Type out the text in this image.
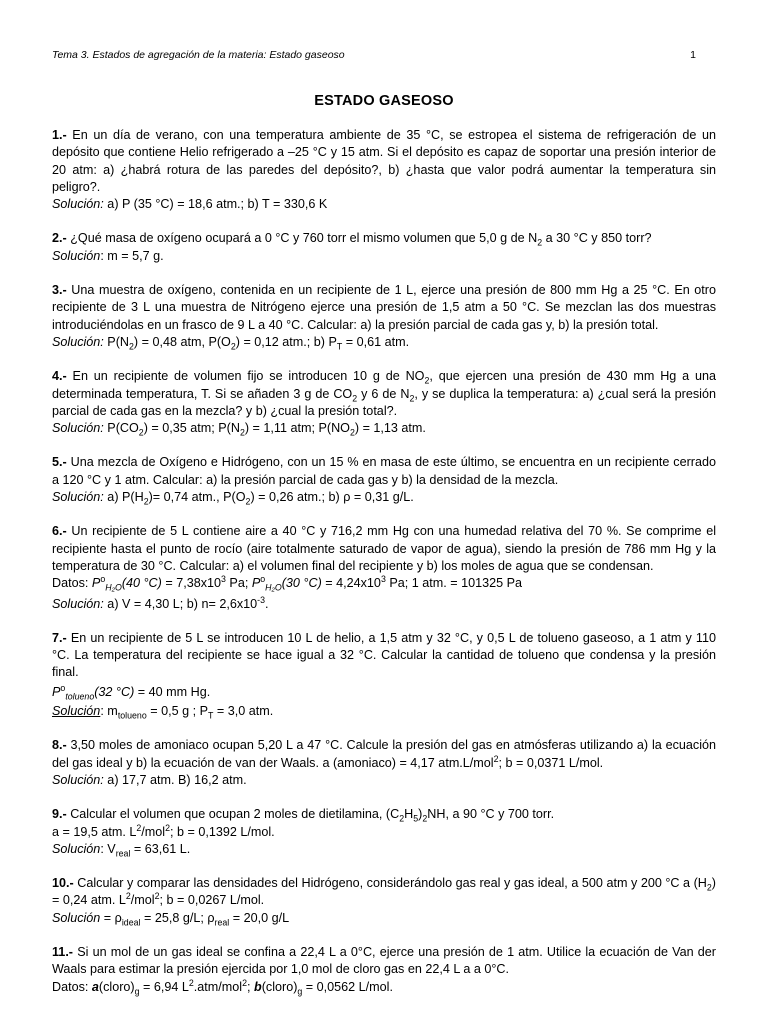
Tema 3. Estados de agregación de la materia: Estado gaseoso	1
ESTADO GASEOSO

1.- En un día de verano, con una temperatura ambiente de 35 °C, se estropea el sistema de refrigeración de un depósito que contiene Helio refrigerado a –25 °C y 15 atm. Si el depósito es capaz de soportar una presión interior de 20 atm: a) ¿habrá rotura de las paredes del depósito?, b) ¿hasta que valor podrá aumentar la temperatura sin peligro?.

Solución: a) P (35 °C) = 18,6 atm.; b) T = 330,6 K

2.- ¿Qué masa de oxígeno ocupará a 0 °C y 760 torr el mismo volumen que 5,0 g de $N_2$ a 30 °C y 850 torr?

Solución: m = 5,7 g.

3.- Una muestra de oxígeno, contenida en un recipiente de 1 L, ejerce una presión de 800 mm Hg a 25 °C. En otro recipiente de 3 L una muestra de Nitrógeno ejerce una presión de 1,5 atm a 50 °C. Se mezclan las dos muestras introduciéndolas en un frasco de 9 L a 40 °C. Calcular: a) la presión parcial de cada gas y, b) la presión total.

Solución: $P(N_2) = 0,48$ atm, $P(O_2) = 0,12$ atm.; b) $P_T = 0,61$ atm.

4.- En un recipiente de volumen fijo se introducen 10 g de $NO_2$, que ejercen una presión de 430 mm Hg a una determinada temperatura, T. Si se añaden 3 g de $CO_2$ y 6 de $N_2$, y se duplica la temperatura: a) ¿cual será la presión parcial de cada gas en la mezcla? y b) ¿cual la presión total?.

Solución: $P(CO_2) = 0,35$ atm; $P(N_2) = 1,11$ atm; $P(NO_2) = 1,13$ atm.

5.- Una mezcla de Oxígeno e Hidrógeno, con un 15 % en masa de este último, se encuentra en un recipiente cerrado a 120 °C y 1 atm. Calcular: a) la presión parcial de cada gas y b) la densidad de la mezcla.

Solución: a) $P(H_2)= 0,74$ atm., $P(O_2) = 0,26$ atm.; b) ρ = 0,31 g/L.

6.- Un recipiente de 5 L contiene aire a 40 °C y 716,2 mm Hg con una humedad relativa del 70 %. Se comprime el recipiente hasta el punto de rocío (aire totalmente saturado de vapor de agua), siendo la presión de 786 mm Hg y la temperatura de 30 °C. Calcular: a) el volumen final del recipiente y b) los moles de agua que se condensan.

Datos: $P^o_{H_2O}(40$ $^\circ C) = 7,38x10^3$ Pa; $P^o_{H_2O}(30$ $^\circ C) = 4,24x10^3$ Pa; 1 atm. = 101325 Pa

Solución: a) V = 4,30 L; b) $n= 2,6x10^{-3}$.

7.- En un recipiente de 5 L se introducen 10 L de helio, a 1,5 atm y 32 °C, y 0,5 L de tolueno gaseoso, a 1 atm y 110 °C. La temperatura del recipiente se hace igual a 32 °C. Calcular la cantidad de tolueno que condensa y la presión final.

$P^o_{tolueno}(32$ °C) = 40 mm Hg.

Solución: $m_{tolueno} = 0,5$ g ; $P_T = 3,0$ atm.

8.- 3,50 moles de amoniaco ocupan 5,20 L a 47 °C. Calcule la presión del gas en atmósferas utilizando a) la ecuación del gas ideal y b) la ecuación de van der Waals. a (amoniaco) = 4,17 atm.L/mol$^2$; b = 0,0371 L/mol.

Solución: a) 17,7 atm. B) 16,2 atm.

9.- Calcular el volumen que ocupan 2 moles de dietilamina, $(C_2H_5)_2NH$, a 90 °C y 700 torr.

a = 19,5 atm. $L^2/mol^2$; b = 0,1392 L/mol.

Solución: $V_{real} = 63,61$ L.

10.- Calcular y comparar las densidades del Hidrógeno, considerándolo gas real y gas ideal, a 500 atm y 200 °C a $(H_2) = 0,24$ atm. $L^2/mol^2$; b = 0,0267 L/mol.

Solución = $\rho_{ideal} = 25,8$ g/L; $\rho_{real} = 20,0$ g/L

11.- Si un mol de un gas ideal se confina a 22,4 L a 0°C, ejerce una presión de 1 atm. Utilice la ecuación de Van der Waals para estimar la presión ejercida por 1,0 mol de cloro gas en 22,4 L a a 0°C.

Datos: $a(cloro)_g = 6,94$ $L^2.atm/mol^2$; $b(cloro)_g = 0,0562$ L/mol.
